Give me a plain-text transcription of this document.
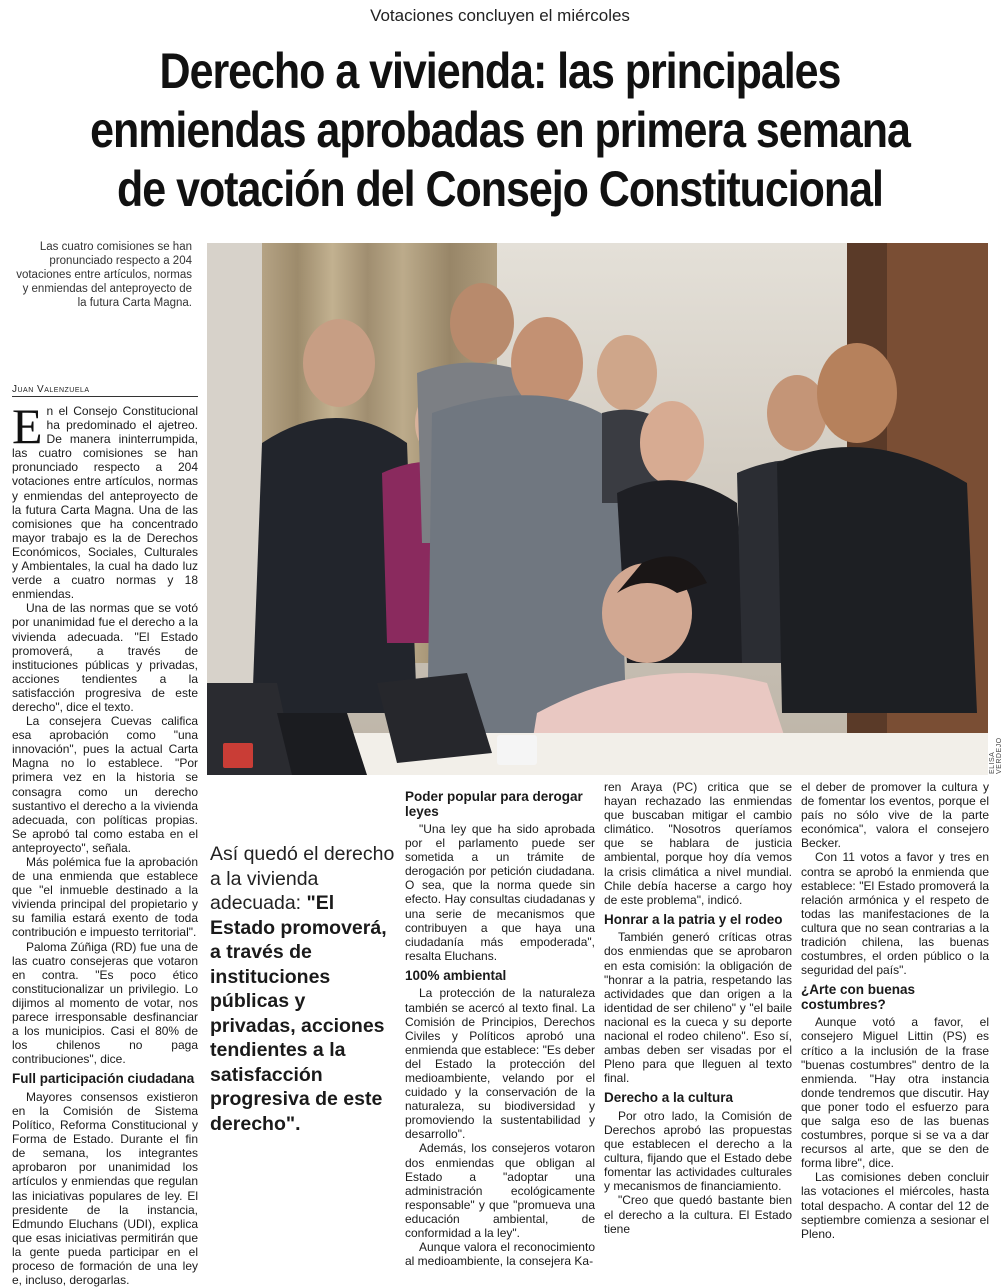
Votaciones concluyen el miércoles
Derecho a vivienda: las principales
enmiendas aprobadas en primera semana
de votación del Consejo Constitucional
Las cuatro comisiones se han pronunciado respecto a 204 votaciones entre artículos, normas y enmiendas del anteproyecto de la futura Carta Magna.
ELISA VERDEJO
Juan Valenzuela

En el Consejo Constitucional ha predominado el ajetreo. De manera ininterrumpida, las cuatro comisiones se han pronunciado respecto a 204 votaciones entre artículos, normas y enmiendas del anteproyecto de la futura Carta Magna. Una de las comisiones que ha concentrado mayor trabajo es la de Derechos Económicos, Sociales, Culturales y Ambientales, la cual ha dado luz verde a cuatro normas y 18 enmiendas.

Una de las normas que se votó por unanimidad fue el derecho a la vivienda adecuada. "El Estado promoverá, a través de instituciones públicas y privadas, acciones tendientes a la satisfacción progresiva de este derecho", dice el texto.

La consejera Cuevas califica esa aprobación como "una innovación", pues la actual Carta Magna no lo establece. "Por primera vez en la historia se consagra como un derecho sustantivo el derecho a la vivienda adecuada, con políticas propias. Se aprobó tal como estaba en el anteproyecto", señala.

Más polémica fue la aprobación de una enmienda que establece que "el inmueble destinado a la vivienda principal del propietario y su familia estará exento de toda contribución e impuesto territorial".

Paloma Zúñiga (RD) fue una de las cuatro consejeras que votaron en contra. "Es poco ético constitucionalizar un privilegio. Lo dijimos al momento de votar, nos parece irresponsable desfinanciar a los municipios. Casi el 80% de los chilenos no paga contribuciones", dice.

Full participación ciudadana

Mayores consensos existieron en la Comisión de Sistema Político, Reforma Constitucional y Forma de Estado. Durante el fin de semana, los integrantes aprobaron por unanimidad los artículos y enmiendas que regulan las iniciativas populares de ley. El presidente de la instancia, Edmundo Eluchans (UDI), explica que esas iniciativas permitirán que la gente pueda participar en el proceso de formación de una ley e, incluso, derogarlas.

Así quedó el derecho a la vivienda adecuada: "El Estado promoverá, a través de instituciones públicas y privadas, acciones tendientes a la satisfacción progresiva de este derecho".
Poder popular para derogar leyes

"Una ley que ha sido aprobada por el parlamento puede ser sometida a un trámite de derogación por petición ciudadana. O sea, que la norma quede sin efecto. Hay consultas ciudadanas y una serie de mecanismos que contribuyen a que haya una ciudadanía más empoderada", resalta Eluchans.

100% ambiental

La protección de la naturaleza también se acercó al texto final. La Comisión de Principios, Derechos Civiles y Políticos aprobó una enmienda que establece: "Es deber del Estado la protección del medioambiente, velando por el cuidado y la conservación de la naturaleza, su biodiversidad y promoviendo la sustentabilidad y desarrollo".

Además, los consejeros votaron dos enmiendas que obligan al Estado a "adoptar una administración ecológicamente responsable" y que "promueva una educación ambiental, de conformidad a la ley".

Aunque valora el reconocimiento al medioambiente, la consejera Ka-

ren Araya (PC) critica que se hayan rechazado las enmiendas que buscaban mitigar el cambio climático. "Nosotros queríamos que se hablara de justicia ambiental, porque hoy día vemos la crisis climática a nivel mundial. Chile debía hacerse a cargo hoy de este problema", indicó.

Honrar a la patria y el rodeo

También generó críticas otras dos enmiendas que se aprobaron en esta comisión: la obligación de "honrar a la patria, respetando las actividades que dan origen a la identidad de ser chileno" y "el baile nacional es la cueca y su deporte nacional el rodeo chileno". Eso sí, ambas deben ser visadas por el Pleno para que lleguen al texto final.

Derecho a la cultura

Por otro lado, la Comisión de Derechos aprobó las propuestas que establecen el derecho a la cultura, fijando que el Estado debe fomentar las actividades culturales y mecanismos de financiamiento.

"Creo que quedó bastante bien el derecho a la cultura. El Estado tiene

el deber de promover la cultura y de fomentar los eventos, porque el país no sólo vive de la parte económica", valora el consejero Becker.

Con 11 votos a favor y tres en contra se aprobó la enmienda que establece: "El Estado promoverá la relación armónica y el respeto de todas las manifestaciones de la cultura que no sean contrarias a la tradición chilena, las buenas costumbres, el orden público o la seguridad del país".

¿Arte con buenas costumbres?

Aunque votó a favor, el consejero Miguel Littin (PS) es crítico a la inclusión de la frase "buenas costumbres" dentro de la enmienda. "Hay otra instancia donde tendremos que discutir. Hay que poner todo el esfuerzo para que salga eso de las buenas costumbres, porque si se va a dar recursos al arte, que se den de forma libre", dice.

Las comisiones deben concluir las votaciones el miércoles, hasta total despacho. A contar del 12 de septiembre comienza a sesionar el Pleno.
